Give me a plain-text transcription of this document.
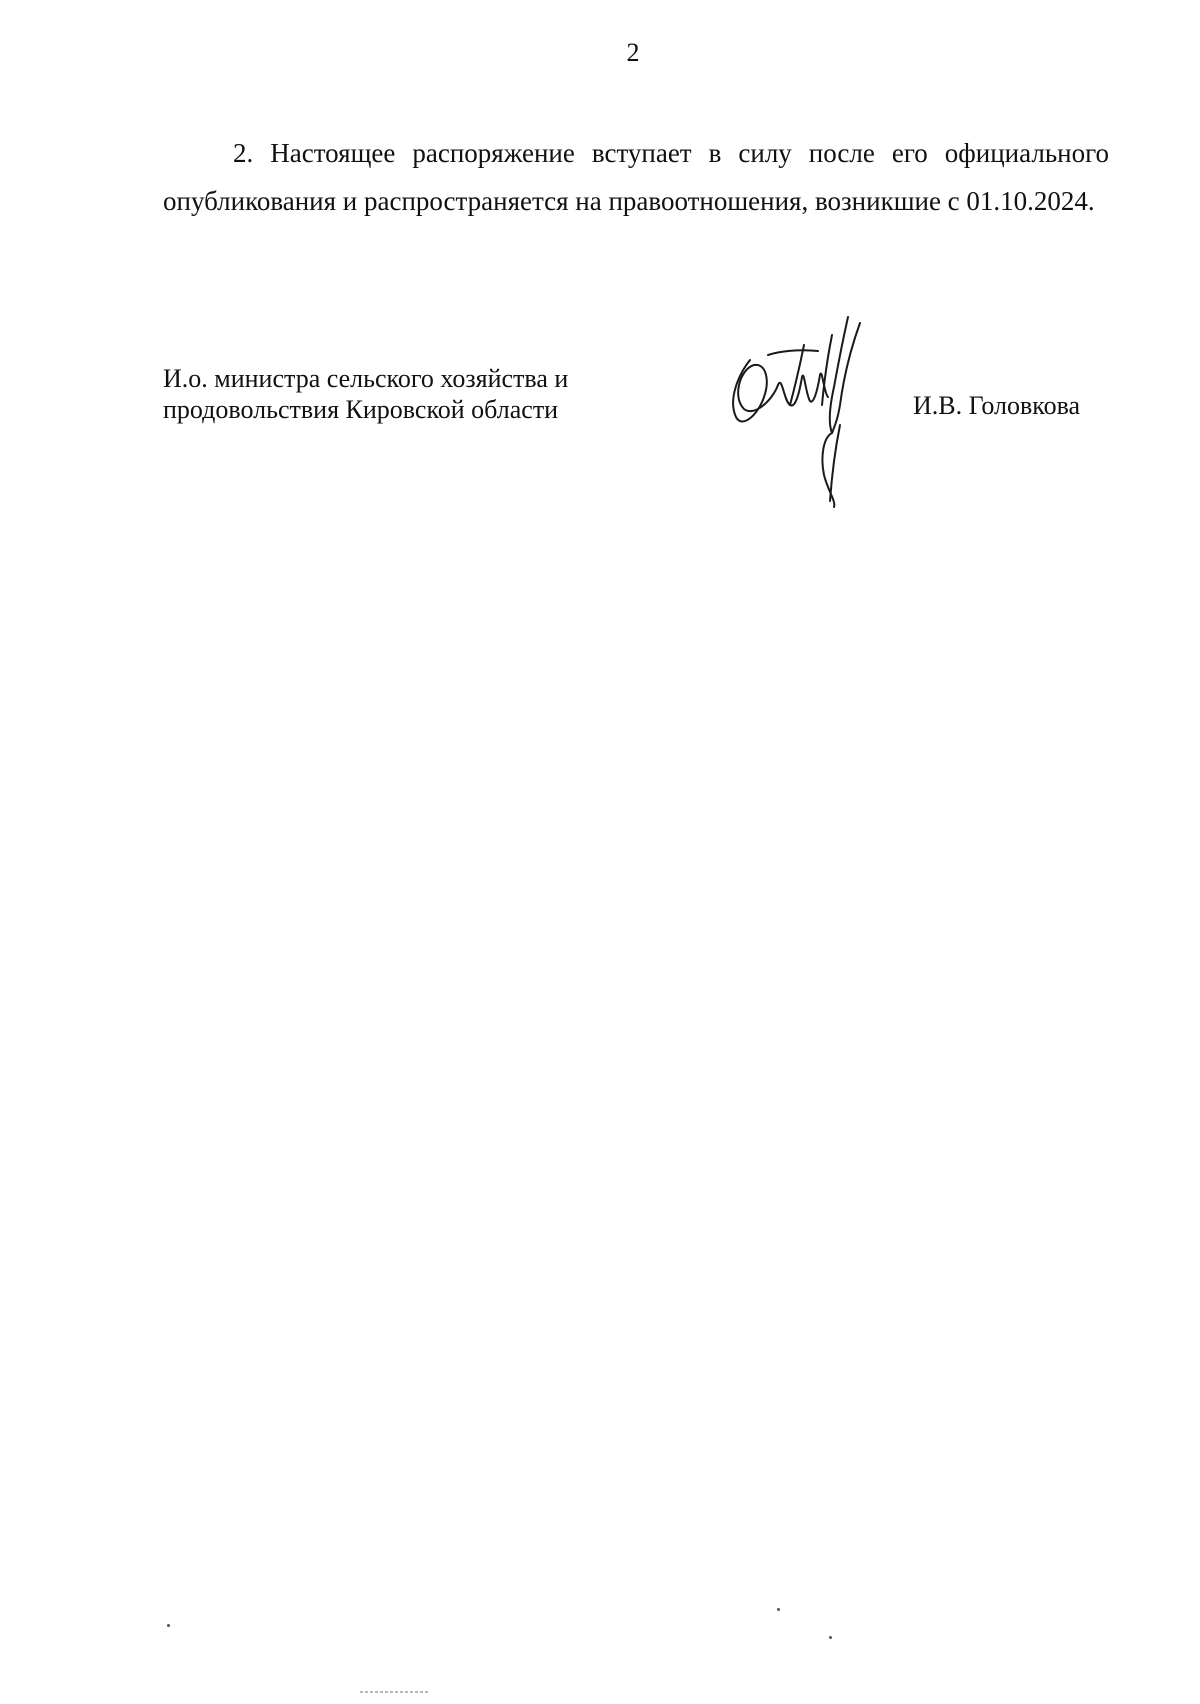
2

2. Настоящее распоряжение вступает в силу после его официального опубликования и распространяется на правоотношения, возникшие с 01.10.2024.

И.о. министра сельского хозяйства и
продовольствия Кировской области	И.В. Головкова
